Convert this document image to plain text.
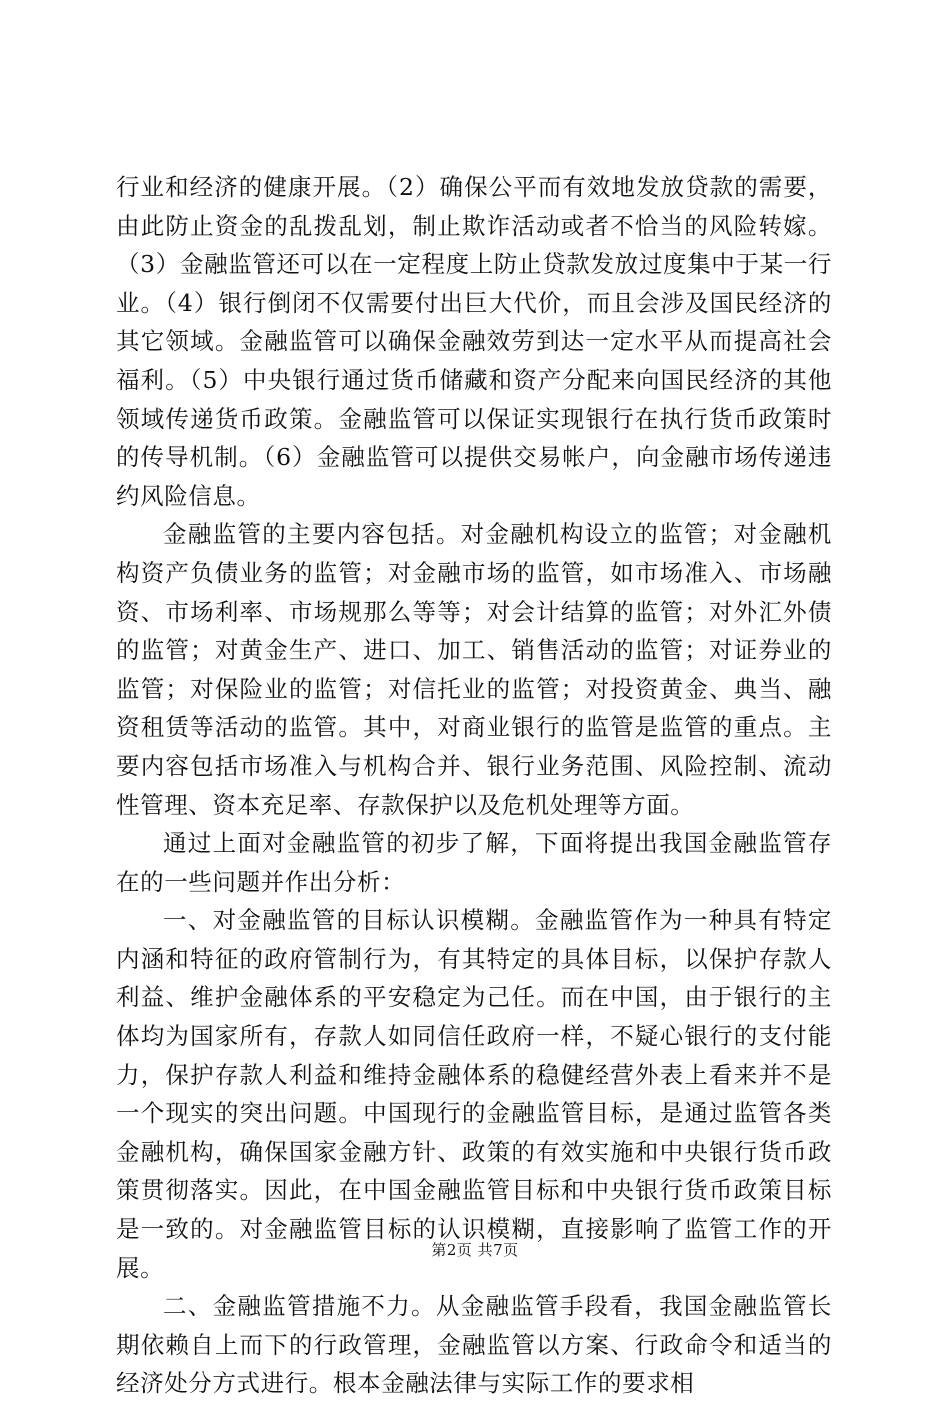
行业和经济的健康开展。（2）确保公平而有效地发放贷款的需要，由此防止资金的乱拨乱划，制止欺诈活动或者不恰当的风险转嫁。（3）金融监管还可以在一定程度上防止贷款发放过度集中于某一行业。（4）银行倒闭不仅需要付出巨大代价，而且会涉及国民经济的其它领域。金融监管可以确保金融效劳到达一定水平从而提高社会福利。（5）中央银行通过货币储藏和资产分配来向国民经济的其他领域传递货币政策。金融监管可以保证实现银行在执行货币政策时的传导机制。（6）金融监管可以提供交易帐户，向金融市场传递违约风险信息。

金融监管的主要内容包括。对金融机构设立的监管；对金融机构资产负债业务的监管；对金融市场的监管，如市场准入、市场融资、市场利率、市场规那么等等；对会计结算的监管；对外汇外债的监管；对黄金生产、进口、加工、销售活动的监管；对证券业的监管；对保险业的监管；对信托业的监管；对投资黄金、典当、融资租赁等活动的监管。其中，对商业银行的监管是监管的重点。主要内容包括市场准入与机构合并、银行业务范围、风险控制、流动性管理、资本充足率、存款保护以及危机处理等方面。

通过上面对金融监管的初步了解，下面将提出我国金融监管存在的一些问题并作出分析：

一、对金融监管的目标认识模糊。金融监管作为一种具有特定内涵和特征的政府管制行为，有其特定的具体目标，以保护存款人利益、维护金融体系的平安稳定为己任。而在中国，由于银行的主体均为国家所有，存款人如同信任政府一样，不疑心银行的支付能力，保护存款人利益和维持金融体系的稳健经营外表上看来并不是一个现实的突出问题。中国现行的金融监管目标，是通过监管各类金融机构，确保国家金融方针、政策的有效实施和中央银行货币政策贯彻落实。因此，在中国金融监管目标和中央银行货币政策目标是一致的。对金融监管目标的认识模糊，直接影响了监管工作的开展。

二、金融监管措施不力。从金融监管手段看，我国金融监管长期依赖自上而下的行政管理，金融监管以方案、行政命令和适当的经济处分方式进行。根本金融法律与实际工作的要求相

第2页 共7页
